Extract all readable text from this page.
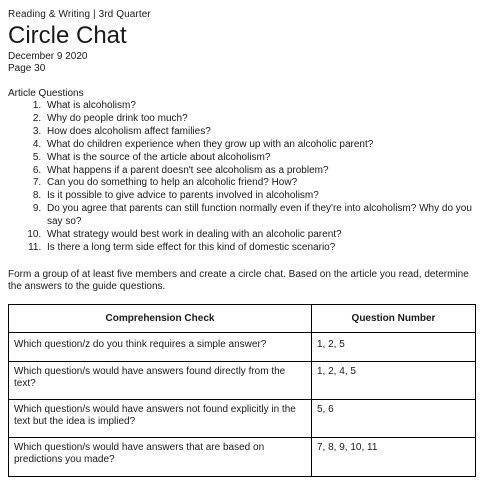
Reading & Writing | 3rd Quarter
Circle Chat
December 9 2020
Page 30
Article Questions
1. What is alcoholism?
2. Why do people drink too much?
3. How does alcoholism affect families?
4. What do children experience when they grow up with an alcoholic parent?
5. What is the source of the article about alcoholism?
6. What happens if a parent doesn't see alcoholism as a problem?
7. Can you do something to help an alcoholic friend? How?
8. Is it possible to give advice to parents involved in alcoholism?
9. Do you agree that parents can still function normally even if they're into alcoholism? Why do you say so?
10. What strategy would best work in dealing with an alcoholic parent?
11. Is there a long term side effect for this kind of domestic scenario?
Form a group of at least five members and create a circle chat. Based on the article you read, determine the answers to the guide questions.
Comprehension Check	Question Number
Which question/z do you think requires a simple answer?	1, 2, 5
Which question/s would have answers found directly from the text?	1, 2, 4, 5
Which question/s would have answers not found explicitly in the text but the idea is implied?	5, 6
Which question/s would have answers that are based on predictions you made?	7, 8, 9, 10, 11
